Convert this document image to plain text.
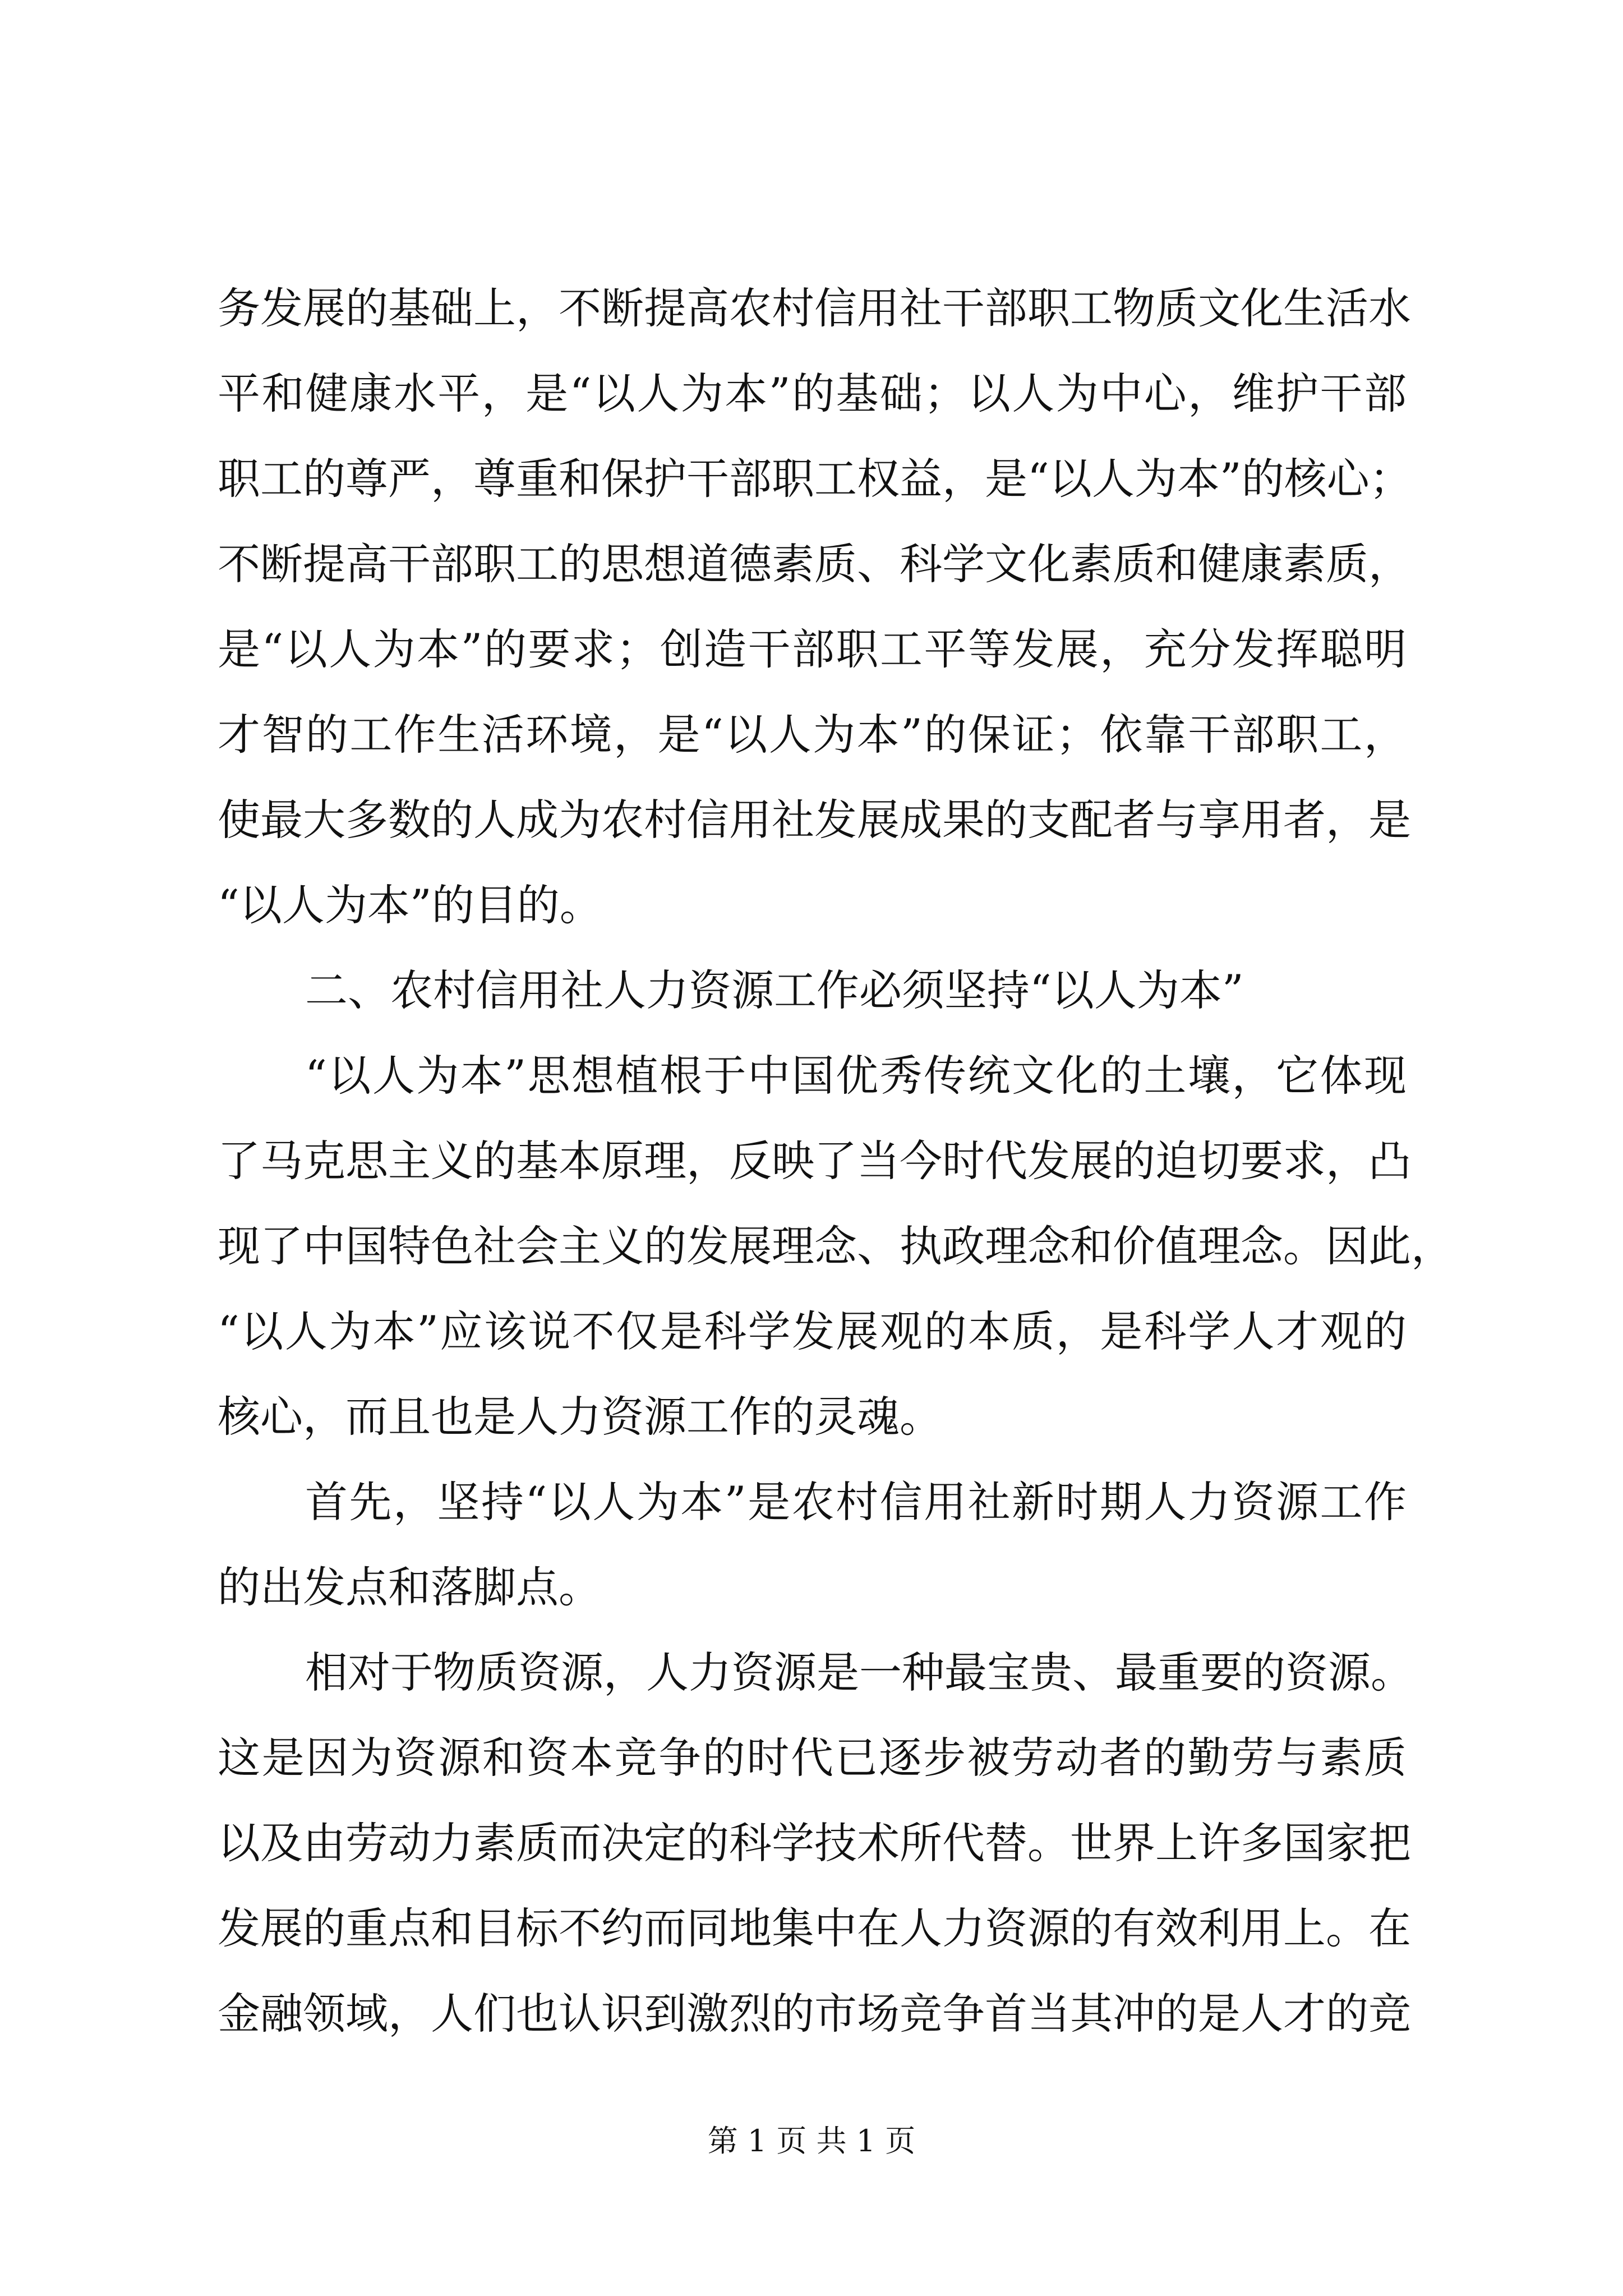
务发展的基础上，不断提高农村信用社干部职工物质文化生活水
平和健康水平，是“以人为本”的基础；以人为中心，维护干部
职工的尊严，尊重和保护干部职工权益，是“以人为本”的核心；
不断提高干部职工的思想道德素质、科学文化素质和健康素质，
是“以人为本”的要求；创造干部职工平等发展，充分发挥聪明
才智的工作生活环境，是“以人为本”的保证；依靠干部职工，
使最大多数的人成为农村信用社发展成果的支配者与享用者，是
“以人为本”的目的。
二、农村信用社人力资源工作必须坚持“以人为本”
“以人为本”思想植根于中国优秀传统文化的土壤，它体现
了马克思主义的基本原理，反映了当今时代发展的迫切要求，凸
现了中国特色社会主义的发展理念、执政理念和价值理念。因此，
“以人为本”应该说不仅是科学发展观的本质，是科学人才观的
核心，而且也是人力资源工作的灵魂。
首先，坚持“以人为本”是农村信用社新时期人力资源工作
的出发点和落脚点。
相对于物质资源，人力资源是一种最宝贵、最重要的资源。
这是因为资源和资本竞争的时代已逐步被劳动者的勤劳与素质
以及由劳动力素质而决定的科学技术所代替。世界上许多国家把
发展的重点和目标不约而同地集中在人力资源的有效利用上。在
金融领域，人们也认识到激烈的市场竞争首当其冲的是人才的竞
第 1 页 共 1 页
